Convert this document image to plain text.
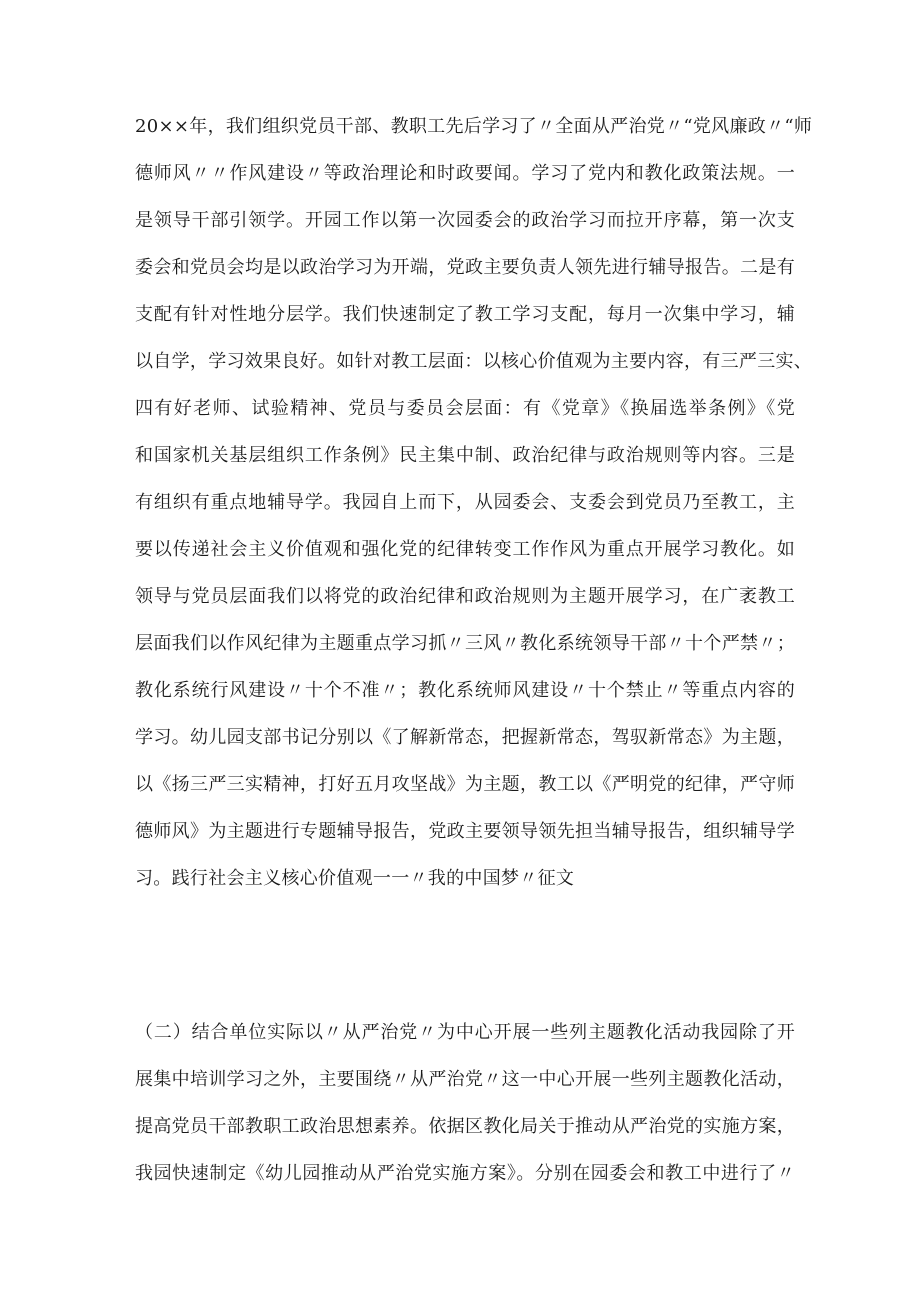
20××年，我们组织党员干部、教职工先后学习了〃全面从严治党〃“党风廉政〃“师

德师风〃〃作风建设〃等政治理论和时政要闻。学习了党内和教化政策法规。一

是领导干部引领学。开园工作以第一次园委会的政治学习而拉开序幕，第一次支

委会和党员会均是以政治学习为开端，党政主要负责人领先进行辅导报告。二是有

支配有针对性地分层学。我们快速制定了教工学习支配，每月一次集中学习，辅

以自学，学习效果良好。如针对教工层面：以核心价值观为主要内容，有三严三实、

四有好老师、试验精神、党员与委员会层面：有《党章》《换届选举条例》《党

和国家机关基层组织工作条例》民主集中制、政治纪律与政治规则等内容。三是

有组织有重点地辅导学。我园自上而下，从园委会、支委会到党员乃至教工，主

要以传递社会主义价值观和强化党的纪律转变工作作风为重点开展学习教化。如

领导与党员层面我们以将党的政治纪律和政治规则为主题开展学习，在广袤教工

层面我们以作风纪律为主题重点学习抓〃三风〃教化系统领导干部〃十个严禁〃；

教化系统行风建设〃十个不准〃；教化系统师风建设〃十个禁止〃等重点内容的

学习。幼儿园支部书记分别以《了解新常态，把握新常态，驾驭新常态》为主题，

以《扬三严三实精神，打好五月攻坚战》为主题，教工以《严明党的纪律，严守师

德师风》为主题进行专题辅导报告，党政主要领导领先担当辅导报告，组织辅导学

习。践行社会主义核心价值观一一〃我的中国梦〃征文

（二）结合单位实际以〃从严治党〃为中心开展一些列主题教化活动我园除了开

展集中培训学习之外，主要围绕〃从严治党〃这一中心开展一些列主题教化活动，

提高党员干部教职工政治思想素养。依据区教化局关于推动从严治党的实施方案，

我园快速制定《幼儿园推动从严治党实施方案》。分别在园委会和教工中进行了〃
